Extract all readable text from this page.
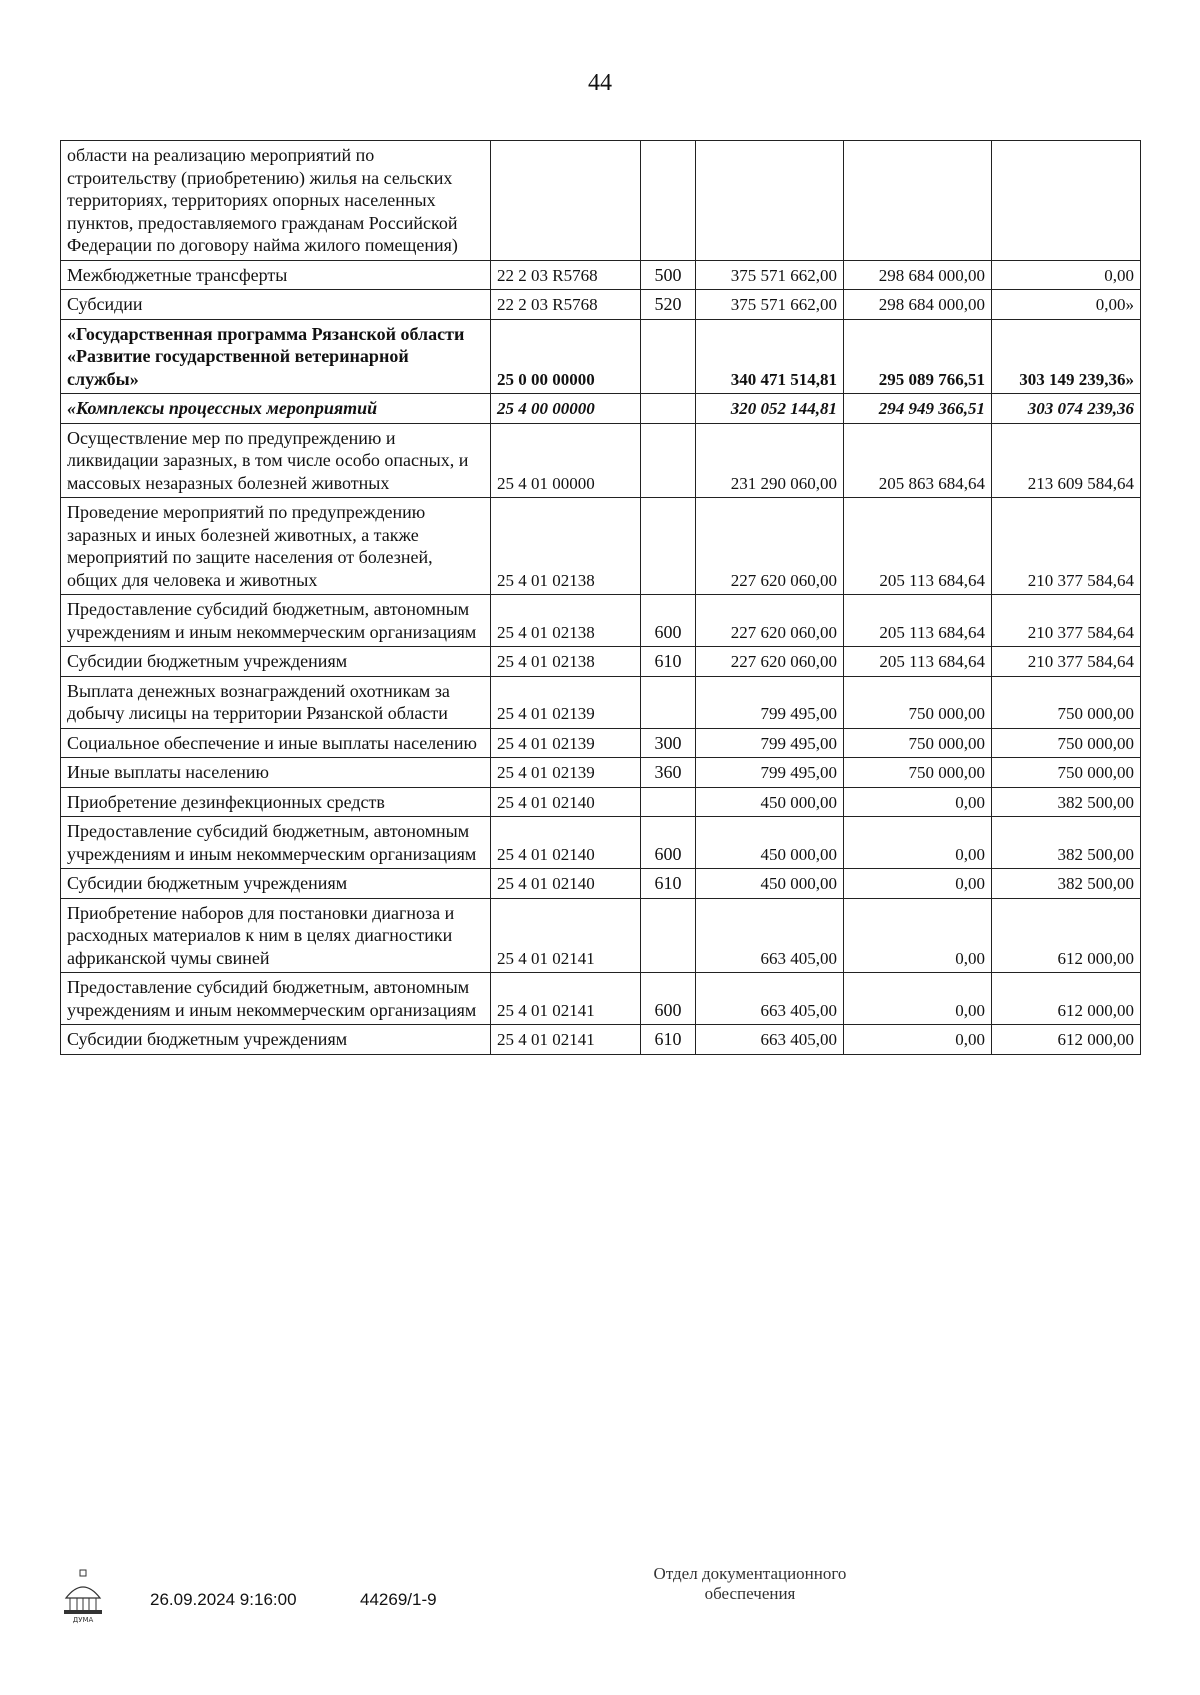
44
области на реализацию мероприятий по строительству (приобретению) жилья на сельских территориях, территориях опорных населенных пунктов, предоставляемого гражданам Российской Федерации по договору найма жилого помещения)					
Межбюджетные трансферты	22 2 03 R5768	500	375 571 662,00	298 684 000,00	0,00
Субсидии	22 2 03 R5768	520	375 571 662,00	298 684 000,00	0,00»
«Государственная программа Рязанской области «Развитие государственной ветеринарной службы»	25 0 00 00000		340 471 514,81	295 089 766,51	303 149 239,36»
«Комплексы процессных мероприятий	25 4 00 00000		320 052 144,81	294 949 366,51	303 074 239,36
Осуществление мер по предупреждению и ликвидации заразных, в том числе особо опасных, и массовых незаразных болезней животных	25 4 01 00000		231 290 060,00	205 863 684,64	213 609 584,64
Проведение мероприятий по предупреждению заразных и иных болезней животных, а также мероприятий по защите населения от болезней, общих для человека и животных	25 4 01 02138		227 620 060,00	205 113 684,64	210 377 584,64
Предоставление субсидий бюджетным, автономным учреждениям и иным некоммерческим организациям	25 4 01 02138	600	227 620 060,00	205 113 684,64	210 377 584,64
Субсидии бюджетным учреждениям	25 4 01 02138	610	227 620 060,00	205 113 684,64	210 377 584,64
Выплата денежных вознаграждений охотникам за добычу лисицы на территории Рязанской области	25 4 01 02139		799 495,00	750 000,00	750 000,00
Социальное обеспечение и иные выплаты населению	25 4 01 02139	300	799 495,00	750 000,00	750 000,00
Иные выплаты населению	25 4 01 02139	360	799 495,00	750 000,00	750 000,00
Приобретение дезинфекционных средств	25 4 01 02140		450 000,00	0,00	382 500,00
Предоставление субсидий бюджетным, автономным учреждениям и иным некоммерческим организациям	25 4 01 02140	600	450 000,00	0,00	382 500,00
Субсидии бюджетным учреждениям	25 4 01 02140	610	450 000,00	0,00	382 500,00
Приобретение наборов для постановки диагноза и расходных материалов к ним в целях диагностики африканской чумы свиней	25 4 01 02141		663 405,00	0,00	612 000,00
Предоставление субсидий бюджетным, автономным учреждениям и иным некоммерческим организациям	25 4 01 02141	600	663 405,00	0,00	612 000,00
Субсидии бюджетным учреждениям	25 4 01 02141	610	663 405,00	0,00	612 000,00
ДУМА
26.09.2024 9:16:00	44269/1-9
Отдел документационного
обеспечения
